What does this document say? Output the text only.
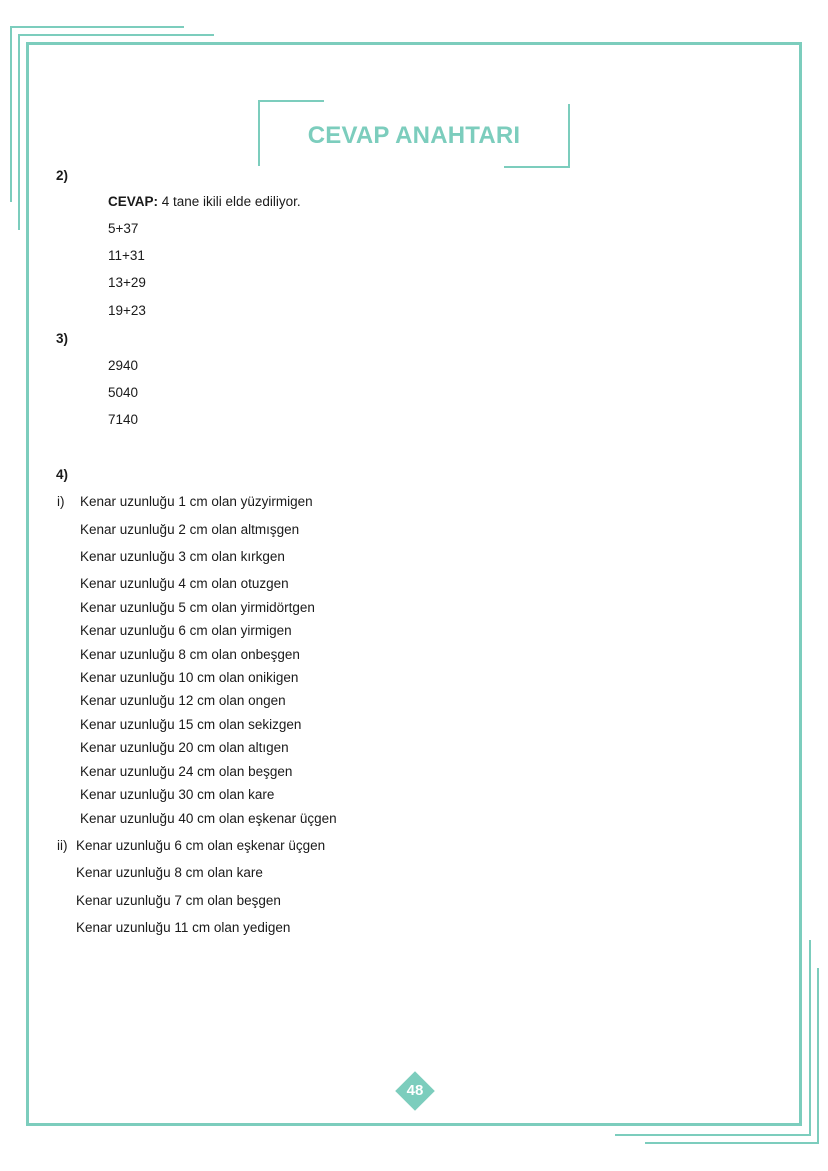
CEVAP ANAHTARI
2)
CEVAP: 4 tane ikili elde ediliyor.
5+37
11+31
13+29
19+23
3)
2940
5040
7140
4)
i) Kenar uzunluğu 1 cm olan yüzyirmigen
Kenar uzunluğu 2 cm olan altmışgen
Kenar uzunluğu 3 cm olan kırkgen
Kenar uzunluğu 4 cm olan otuzgen
Kenar uzunluğu 5 cm olan yirmidörtgen
Kenar uzunluğu 6 cm olan yirmigen
Kenar uzunluğu 8 cm olan onbeşgen
Kenar uzunluğu 10 cm olan onikigen
Kenar uzunluğu 12 cm olan ongen
Kenar uzunluğu 15 cm olan sekizgen
Kenar uzunluğu 20 cm olan altıgen
Kenar uzunluğu 24 cm olan beşgen
Kenar uzunluğu 30 cm olan kare
Kenar uzunluğu 40 cm olan eşkenar üçgen
ii) Kenar uzunluğu 6 cm olan eşkenar üçgen
Kenar uzunluğu 8 cm olan kare
Kenar uzunluğu 7 cm olan beşgen
Kenar uzunluğu 11 cm olan yedigen
48
